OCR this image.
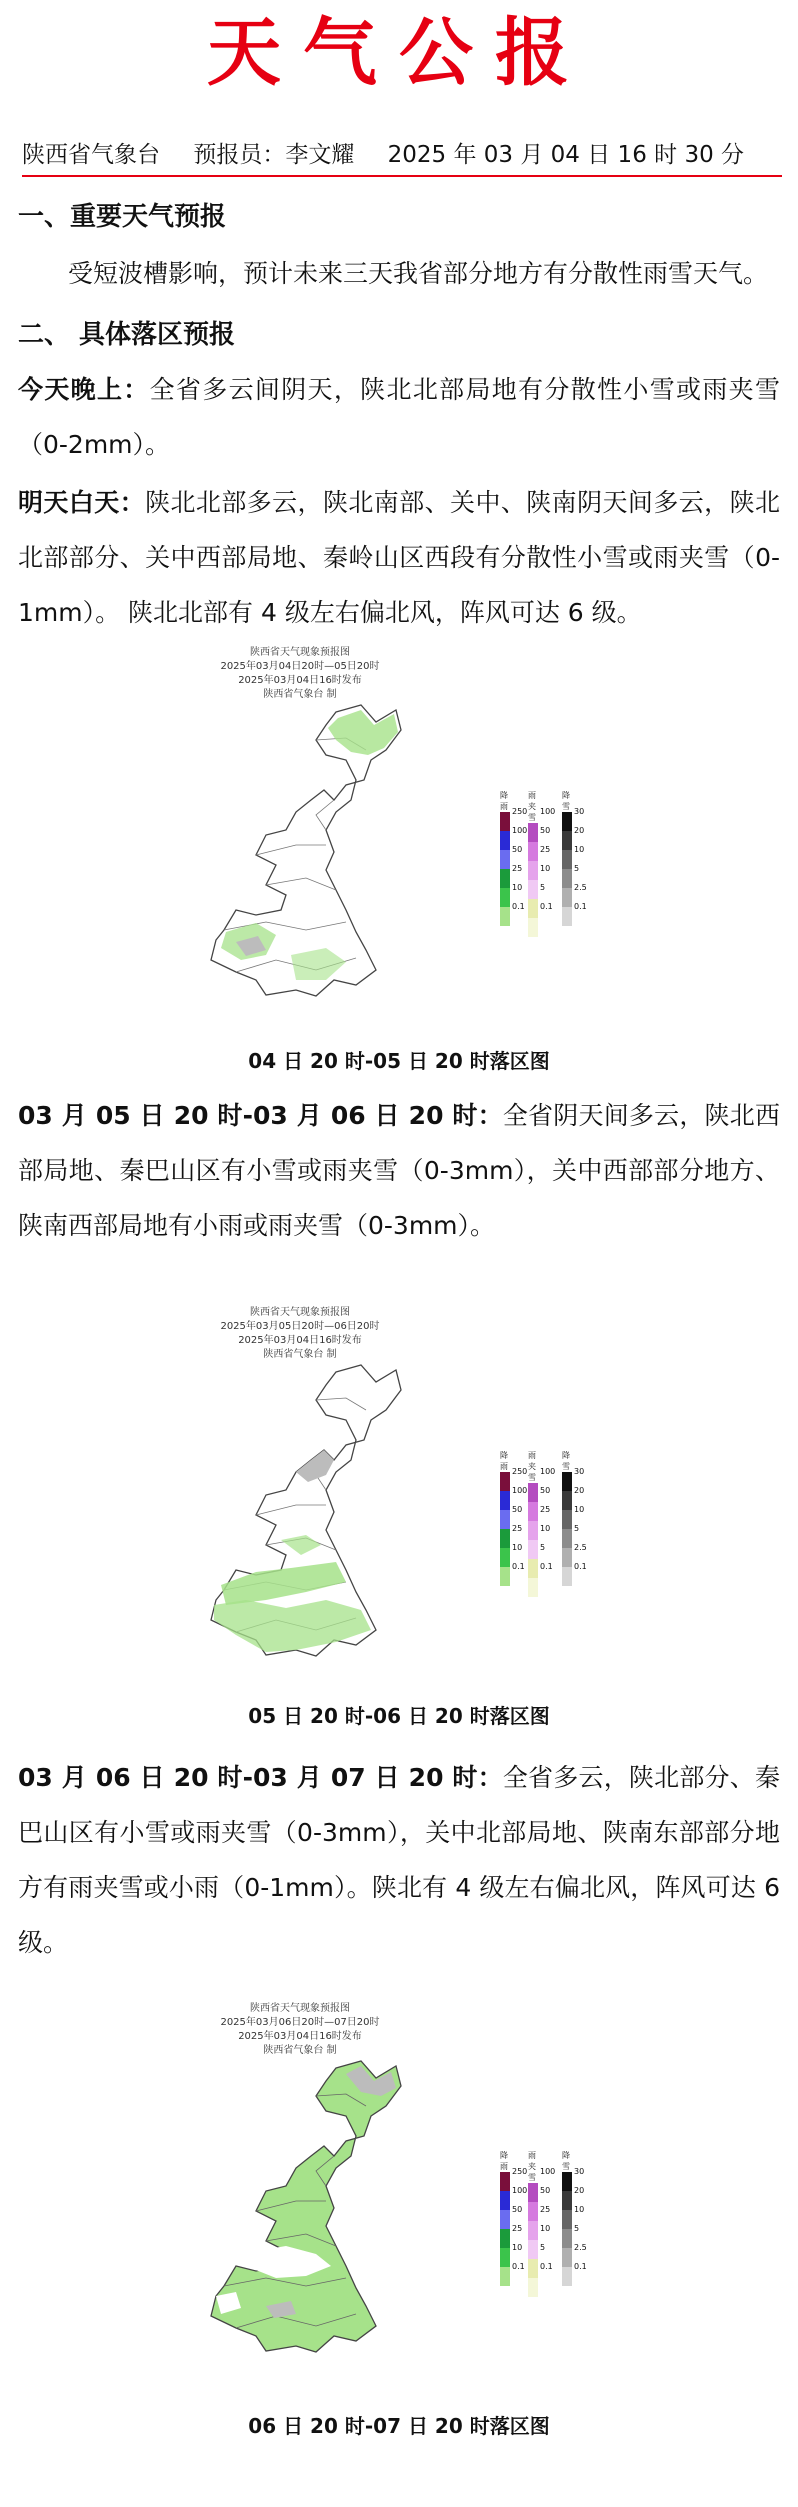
天气公报
陕西省气象台 预报员：李文耀 2025 年 03 月 04 日 16 时 30 分
一、重要天气预报
受短波槽影响，预计未来三天我省部分地方有分散性雨雪天气。
二、 具体落区预报
今天晚上：全省多云间阴天，陕北北部局地有分散性小雪或雨夹雪（0-2mm）。
明天白天：陕北北部多云，陕北南部、关中、陕南阴天间多云，陕北北部部分、关中西部局地、秦岭山区西段有分散性小雪或雨夹雪（0-1mm）。 陕北北部有 4 级左右偏北风，阵风可达 6 级。
陕西省天气现象预报图
2025年03月04日20时—05日20时
2025年03月04日16时发布
陕西省气象台 制
降雨
250
100
50
25
10
0.1
雨夹雪
100
50
25
10
5
0.1
降雪
30
20
10
5
2.5
0.1
04 日 20 时-05 日 20 时落区图
03 月 05 日 20 时-03 月 06 日 20 时：全省阴天间多云，陕北西部局地、秦巴山区有小雪或雨夹雪（0-3mm），关中西部部分地方、陕南西部局地有小雨或雨夹雪（0-3mm）。
陕西省天气现象预报图
2025年03月05日20时—06日20时
2025年03月04日16时发布
陕西省气象台 制
降雨
250
100
50
25
10
0.1
雨夹雪
100
50
25
10
5
0.1
降雪
30
20
10
5
2.5
0.1
05 日 20 时-06 日 20 时落区图
03 月 06 日 20 时-03 月 07 日 20 时：全省多云，陕北部分、秦巴山区有小雪或雨夹雪（0-3mm），关中北部局地、陕南东部部分地方有雨夹雪或小雨（0-1mm）。陕北有 4 级左右偏北风，阵风可达 6 级。
陕西省天气现象预报图
2025年03月06日20时—07日20时
2025年03月04日16时发布
陕西省气象台 制
降雨
250
100
50
25
10
0.1
雨夹雪
100
50
25
10
5
0.1
降雪
30
20
10
5
2.5
0.1
06 日 20 时-07 日 20 时落区图
